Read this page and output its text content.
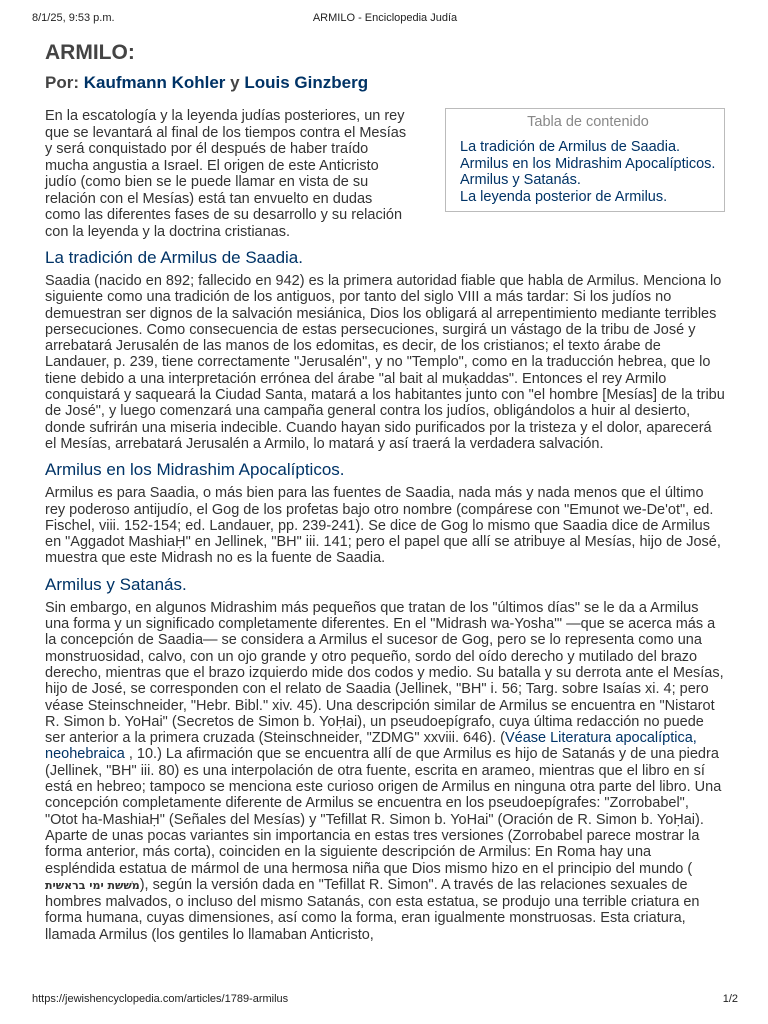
8/1/25, 9:53 p.m.	ARMILO - Enciclopedia Judía
ARMILO:
Por: Kaufmann Kohler y Louis Ginzberg
Tabla de contenido
La tradición de Armilus de Saadia.
Armilus en los Midrashim Apocalípticos.
Armilus y Satanás.
La leyenda posterior de Armilus.

En la escatología y la leyenda judías posteriores, un rey que se levantará al final de los tiempos contra el Mesías y será conquistado por él después de haber traído mucha angustia a Israel. El origen de este Anticristo judío (como bien se le puede llamar en vista de su relación con el Mesías) está tan envuelto en dudas como las diferentes fases de su desarrollo y su relación con la leyenda y la doctrina cristianas.

La tradición de Armilus de Saadia.

Saadia (nacido en 892; fallecido en 942) es la primera autoridad fiable que habla de Armilus. Menciona lo siguiente como una tradición de los antiguos, por tanto del siglo VIII a más tardar: Si los judíos no demuestran ser dignos de la salvación mesiánica, Dios los obligará al arrepentimiento mediante terribles persecuciones. Como consecuencia de estas persecuciones, surgirá un vástago de la tribu de José y arrebatará Jerusalén de las manos de los edomitas, es decir, de los cristianos; el texto árabe de Landauer, p. 239, tiene correctamente "Jerusalén", y no "Templo", como en la traducción hebrea, que lo tiene debido a una interpretación errónea del árabe "al bait al muḳaddas". Entonces el rey Armilo conquistará y saqueará la Ciudad Santa, matará a los habitantes junto con "el hombre [Mesías] de la tribu de José", y luego comenzará una campaña general contra los judíos, obligándolos a huir al desierto, donde sufrirán una miseria indecible. Cuando hayan sido purificados por la tristeza y el dolor, aparecerá el Mesías, arrebatará Jerusalén a Armilo, lo matará y así traerá la verdadera salvación.

Armilus en los Midrashim Apocalípticos.

Armilus es para Saadia, o más bien para las fuentes de Saadia, nada más y nada menos que el último rey poderoso antijudío, el Gog de los profetas bajo otro nombre (compárese con "Emunot we-De'ot", ed. Fischel, viii. 152-154; ed. Landauer, pp. 239-241). Se dice de Gog lo mismo que Saadia dice de Armilus en "Aggadot MashiaḤ" en Jellinek, "BH" iii. 141; pero el papel que allí se atribuye al Mesías, hijo de José, muestra que este Midrash no es la fuente de Saadia.

Armilus y Satanás.

Sin embargo, en algunos Midrashim más pequeños que tratan de los "últimos días" se le da a Armilus una forma y un significado completamente diferentes. En el "Midrash wa-Yosha'" —que se acerca más a la concepción de Saadia— se considera a Armilus el sucesor de Gog, pero se lo representa como una monstruosidad, calvo, con un ojo grande y otro pequeño, sordo del oído derecho y mutilado del brazo derecho, mientras que el brazo izquierdo mide dos codos y medio. Su batalla y su derrota ante el Mesías, hijo de José, se corresponden con el relato de Saadia (Jellinek, "BH" i. 56; Targ. sobre Isaías xi. 4; pero véase Steinschneider, "Hebr. Bibl." xiv. 45). Una descripción similar de Armilus se encuentra en "Nistarot R. Simon b. YoHai" (Secretos de Simon b. YoḤai), un pseudoepígrafo, cuya última redacción no puede ser anterior a la primera cruzada (Steinschneider, "ZDMG" xxviii. 646). (Véase Literatura apocalíptica, neohebraica , 10.) La afirmación que se encuentra allí de que Armilus es hijo de Satanás y de una piedra (Jellinek, "BH" iii. 80) es una interpolación de otra fuente, escrita en arameo, mientras que el libro en sí está en hebreo; tampoco se menciona este curioso origen de Armilus en ninguna otra parte del libro. Una concepción completamente diferente de Armilus se encuentra en los pseudoepígrafes: "Zorrobabel", "Otot ha-MashiaḤ" (Señales del Mesías) y "Tefillat R. Simon b. YoHai" (Oración de R. Simon b. YoḤai). Aparte de unas pocas variantes sin importancia en estas tres versiones (Zorrobabel parece mostrar la forma anterior, más corta), coinciden en la siguiente descripción de Armilus: En Roma hay una espléndida estatua de mármol de una hermosa niña que Dios mismo hizo en el principio del mundo ( משׁשת ימי בראשית), según la versión dada en "Tefillat R. Simon". A través de las relaciones sexuales de hombres malvados, o incluso del mismo Satanás, con esta estatua, se produjo una terrible criatura en forma humana, cuyas dimensiones, así como la forma, eran igualmente monstruosas. Esta criatura, llamada Armilus (los gentiles lo llamaban Anticristo,

https://jewishencyclopedia.com/articles/1789-armilus	1/2
